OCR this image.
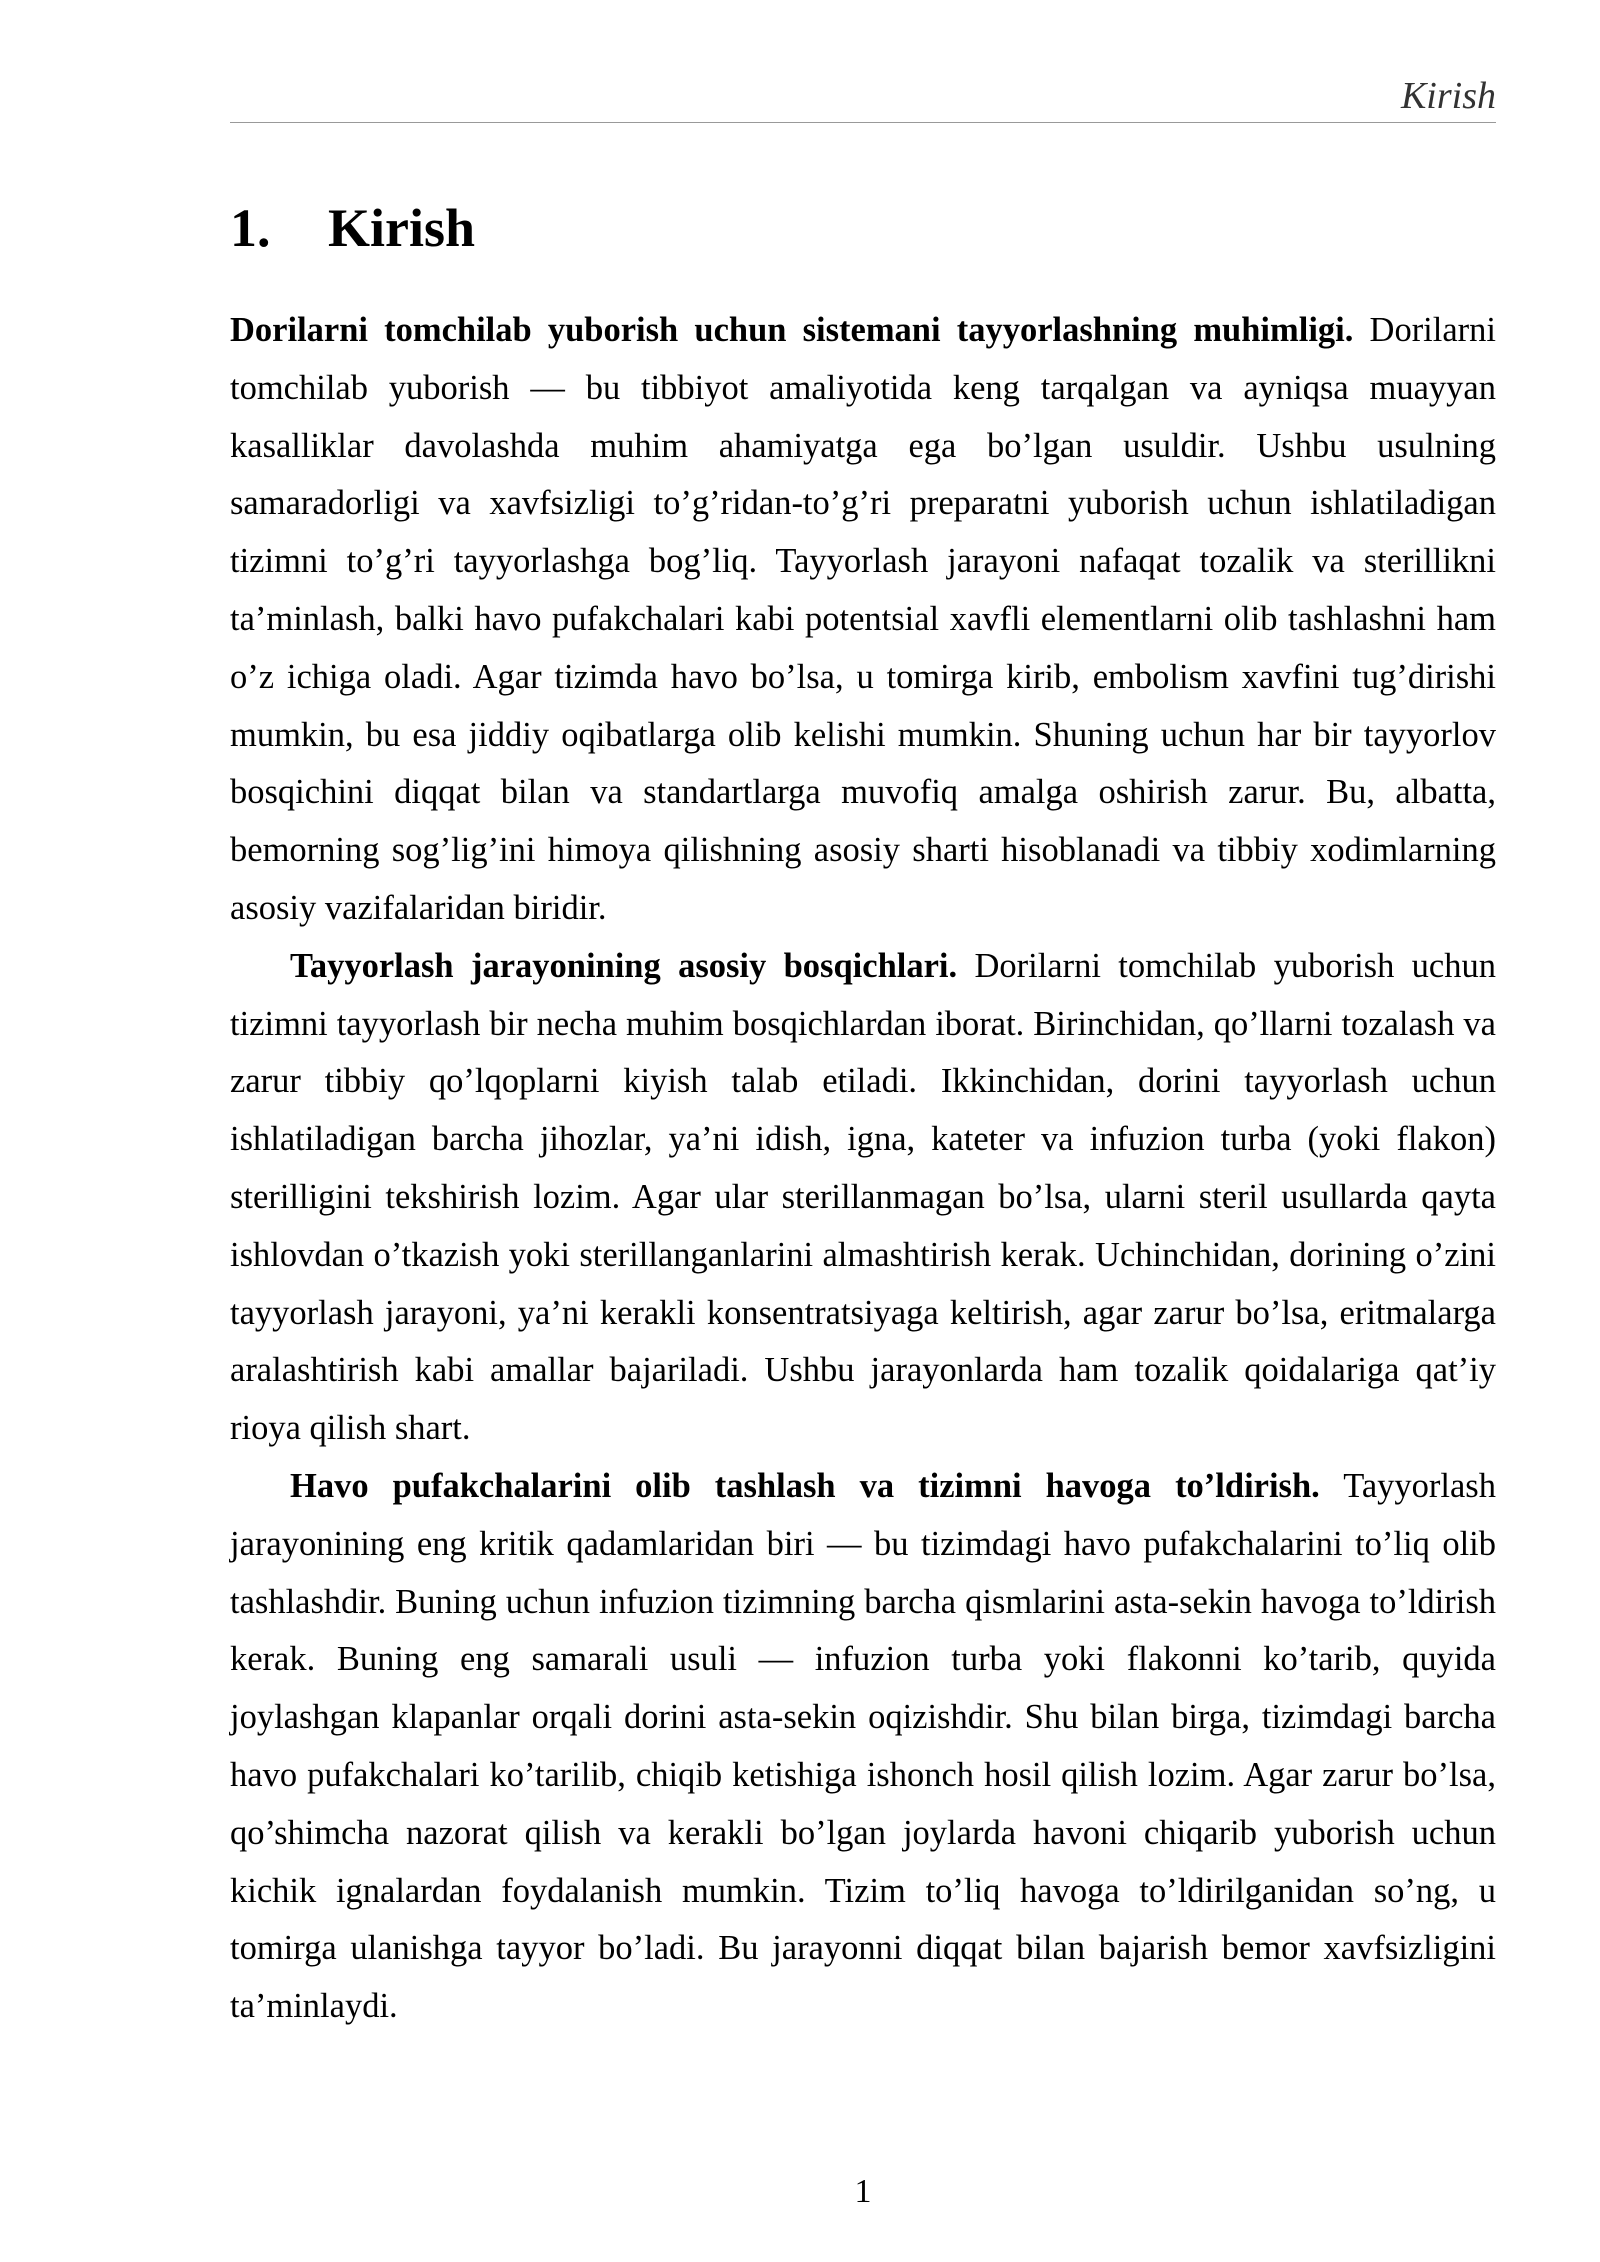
Kirish
1. Kirish

Dorilarni tomchilab yuborish uchun sistemani tayyorlashning muhimligi. Dorilarni tomchilab yuborish — bu tibbiyot amaliyotida keng tarqalgan va ayniqsa muayyan kasalliklar davolashda muhim ahamiyatga ega bo’lgan usuldir. Ushbu usulning samaradorligi va xavfsizligi to’g’ridan-to’g’ri preparatni yuborish uchun ishlatiladigan tizimni to’g’ri tayyorlashga bog’liq. Tayyorlash jarayoni nafaqat tozalik va sterillikni ta’minlash, balki havo pufakchalari kabi potentsial xavfli elementlarni olib tashlashni ham o’z ichiga oladi. Agar tizimda havo bo’lsa, u tomirga kirib, embolism xavfini tug’dirishi mumkin, bu esa jiddiy oqibatlarga olib kelishi mumkin. Shuning uchun har bir tayyorlov bosqichini diqqat bilan va standartlarga muvofiq amalga oshirish zarur. Bu, albatta, bemorning sog’lig’ini himoya qilishning asosiy sharti hisoblanadi va tibbiy xodimlarning asosiy vazifalaridan biridir.

Tayyorlash jarayonining asosiy bosqichlari. Dorilarni tomchilab yuborish uchun tizimni tayyorlash bir necha muhim bosqichlardan iborat. Birinchidan, qo’llarni tozalash va zarur tibbiy qo’lqoplarni kiyish talab etiladi. Ikkinchidan, dorini tayyorlash uchun ishlatiladigan barcha jihozlar, ya’ni idish, igna, kateter va infuzion turba (yoki flakon) sterilligini tekshirish lozim. Agar ular sterillanmagan bo’lsa, ularni steril usullarda qayta ishlovdan o’tkazish yoki sterillanganlarini almashtirish kerak. Uchinchidan, dorining o’zini tayyorlash jarayoni, ya’ni kerakli konsentratsiyaga keltirish, agar zarur bo’lsa, eritmalarga aralashtirish kabi amallar bajariladi. Ushbu jarayonlarda ham tozalik qoidalariga qat’iy rioya qilish shart.

Havo pufakchalarini olib tashlash va tizimni havoga to’ldirish. Tayyorlash jarayonining eng kritik qadamlaridan biri — bu tizimdagi havo pufakchalarini to’liq olib tashlashdir. Buning uchun infuzion tizimning barcha qismlarini asta-sekin havoga to’ldirish kerak. Buning eng samarali usuli — infuzion turba yoki flakonni ko’tarib, quyida joylashgan klapanlar orqali dorini asta-sekin oqizishdir. Shu bilan birga, tizimdagi barcha havo pufakchalari ko’tarilib, chiqib ketishiga ishonch hosil qilish lozim. Agar zarur bo’lsa, qo’shimcha nazorat qilish va kerakli bo’lgan joylarda havoni chiqarib yuborish uchun kichik ignalardan foydalanish mumkin. Tizim to’liq havoga to’ldirilganidan so’ng, u tomirga ulanishga tayyor bo’ladi. Bu jarayonni diqqat bilan bajarish bemor xavfsizligini ta’minlaydi.

1
